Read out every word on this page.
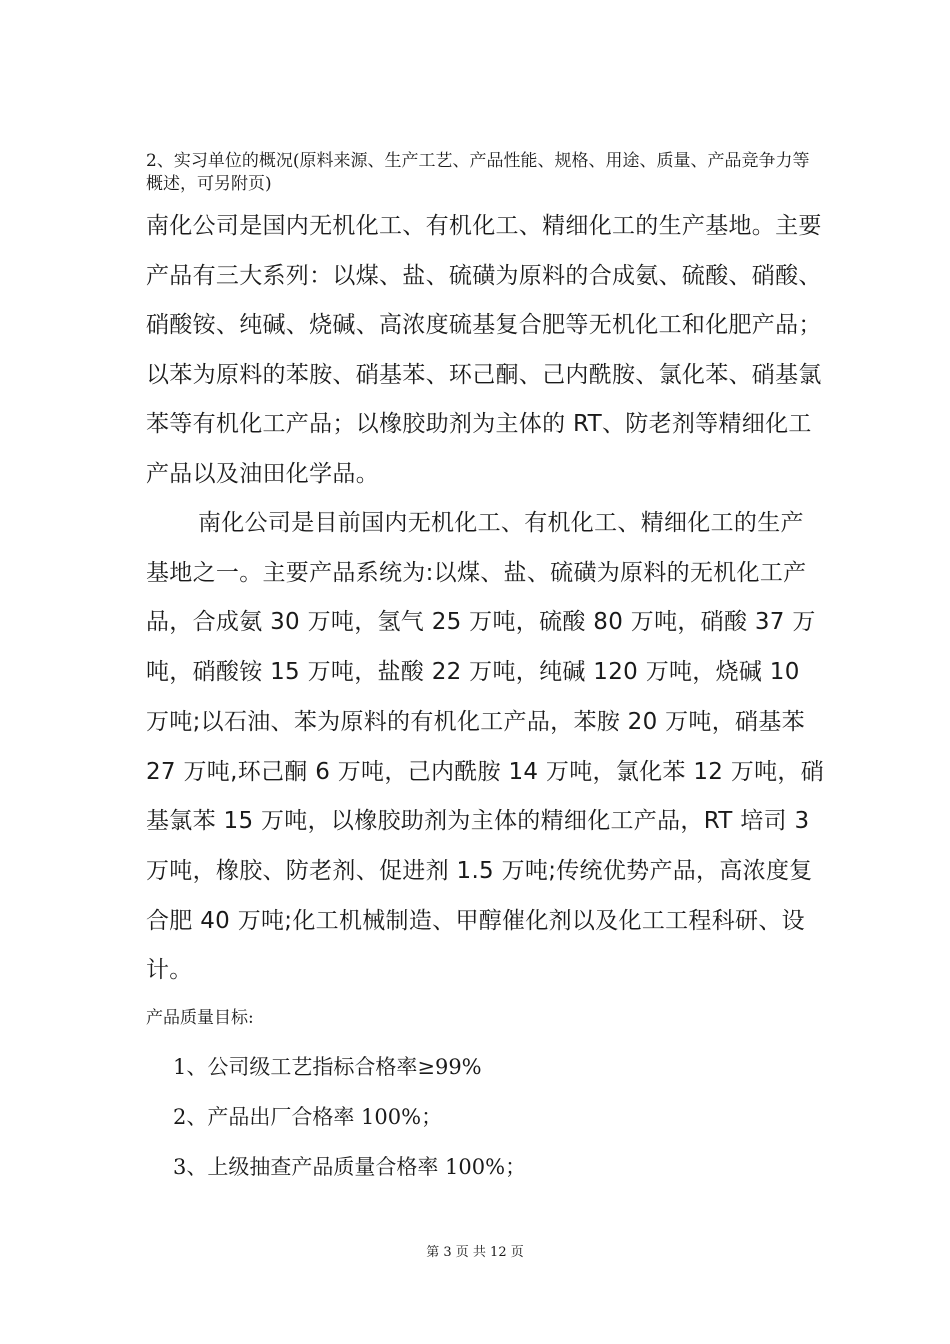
2、实习单位的概况(原料来源、生产工艺、产品性能、规格、用途、质量、产品竞争力等概述，可另附页)

南化公司是国内无机化工、有机化工、精细化工的生产基地。主要产品有三大系列：以煤、盐、硫磺为原料的合成氨、硫酸、硝酸、硝酸铵、纯碱、烧碱、高浓度硫基复合肥等无机化工和化肥产品；以苯为原料的苯胺、硝基苯、环己酮、己内酰胺、氯化苯、硝基氯苯等有机化工产品；以橡胶助剂为主体的 RT、防老剂等精细化工产品以及油田化学品。

南化公司是目前国内无机化工、有机化工、精细化工的生产基地之一。主要产品系统为:以煤、盐、硫磺为原料的无机化工产品，合成氨 30 万吨，氢气 25 万吨，硫酸 80 万吨，硝酸 37 万吨，硝酸铵 15 万吨，盐酸 22 万吨，纯碱 120 万吨，烧碱 10 万吨;以石油、苯为原料的有机化工产品，苯胺 20 万吨，硝基苯 27 万吨,环己酮 6 万吨，己内酰胺 14 万吨，氯化苯 12 万吨，硝基氯苯 15 万吨，以橡胶助剂为主体的精细化工产品，RT 培司 3 万吨，橡胶、防老剂、促进剂 1.5 万吨;传统优势产品，高浓度复合肥 40 万吨;化工机械制造、甲醇催化剂以及化工工程科研、设计。

产品质量目标:
1、公司级工艺指标合格率≥99%
2、产品出厂合格率 100%；
3、上级抽查产品质量合格率 100%；
第 3 页 共 12 页
